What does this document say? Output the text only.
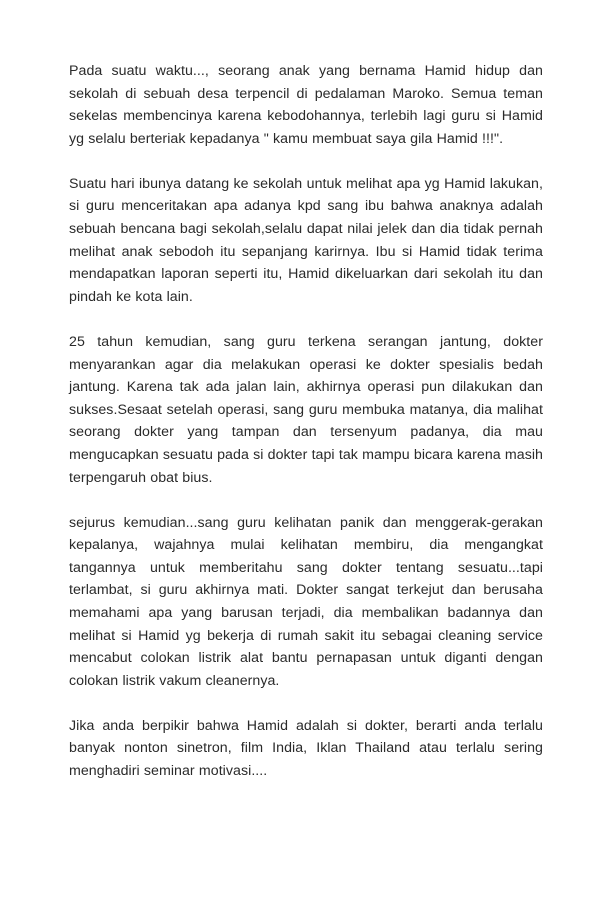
Pada suatu waktu..., seorang anak yang bernama Hamid hidup dan sekolah di sebuah desa terpencil di pedalaman Maroko. Semua teman sekelas membencinya karena kebodohannya, terlebih lagi guru si Hamid yg selalu berteriak kepadanya " kamu membuat saya gila Hamid !!!".

Suatu hari ibunya datang ke sekolah untuk melihat apa yg Hamid lakukan, si guru menceritakan apa adanya kpd sang ibu bahwa anaknya adalah sebuah bencana bagi sekolah,selalu dapat nilai jelek dan dia tidak pernah melihat anak sebodoh itu sepanjang karirnya. Ibu si Hamid tidak terima mendapatkan laporan seperti itu, Hamid dikeluarkan dari sekolah itu dan pindah ke kota lain.

25 tahun kemudian, sang guru terkena serangan jantung, dokter menyarankan agar dia melakukan operasi ke dokter spesialis bedah jantung. Karena tak ada jalan lain, akhirnya operasi pun dilakukan dan sukses.Sesaat setelah operasi, sang guru membuka matanya, dia malihat seorang dokter yang tampan dan tersenyum padanya, dia mau mengucapkan sesuatu pada si dokter tapi tak mampu bicara karena masih terpengaruh obat bius.

sejurus kemudian...sang guru kelihatan panik dan menggerak-gerakan kepalanya, wajahnya mulai kelihatan membiru, dia mengangkat tangannya untuk memberitahu sang dokter tentang sesuatu...tapi terlambat, si guru akhirnya mati. Dokter sangat terkejut dan berusaha memahami apa yang barusan terjadi, dia membalikan badannya dan melihat si Hamid yg bekerja di rumah sakit itu sebagai cleaning service mencabut colokan listrik alat bantu pernapasan untuk diganti dengan colokan listrik vakum cleanernya.

Jika anda berpikir bahwa Hamid adalah si dokter, berarti anda terlalu banyak nonton sinetron, film India, Iklan Thailand atau terlalu sering menghadiri seminar motivasi....
